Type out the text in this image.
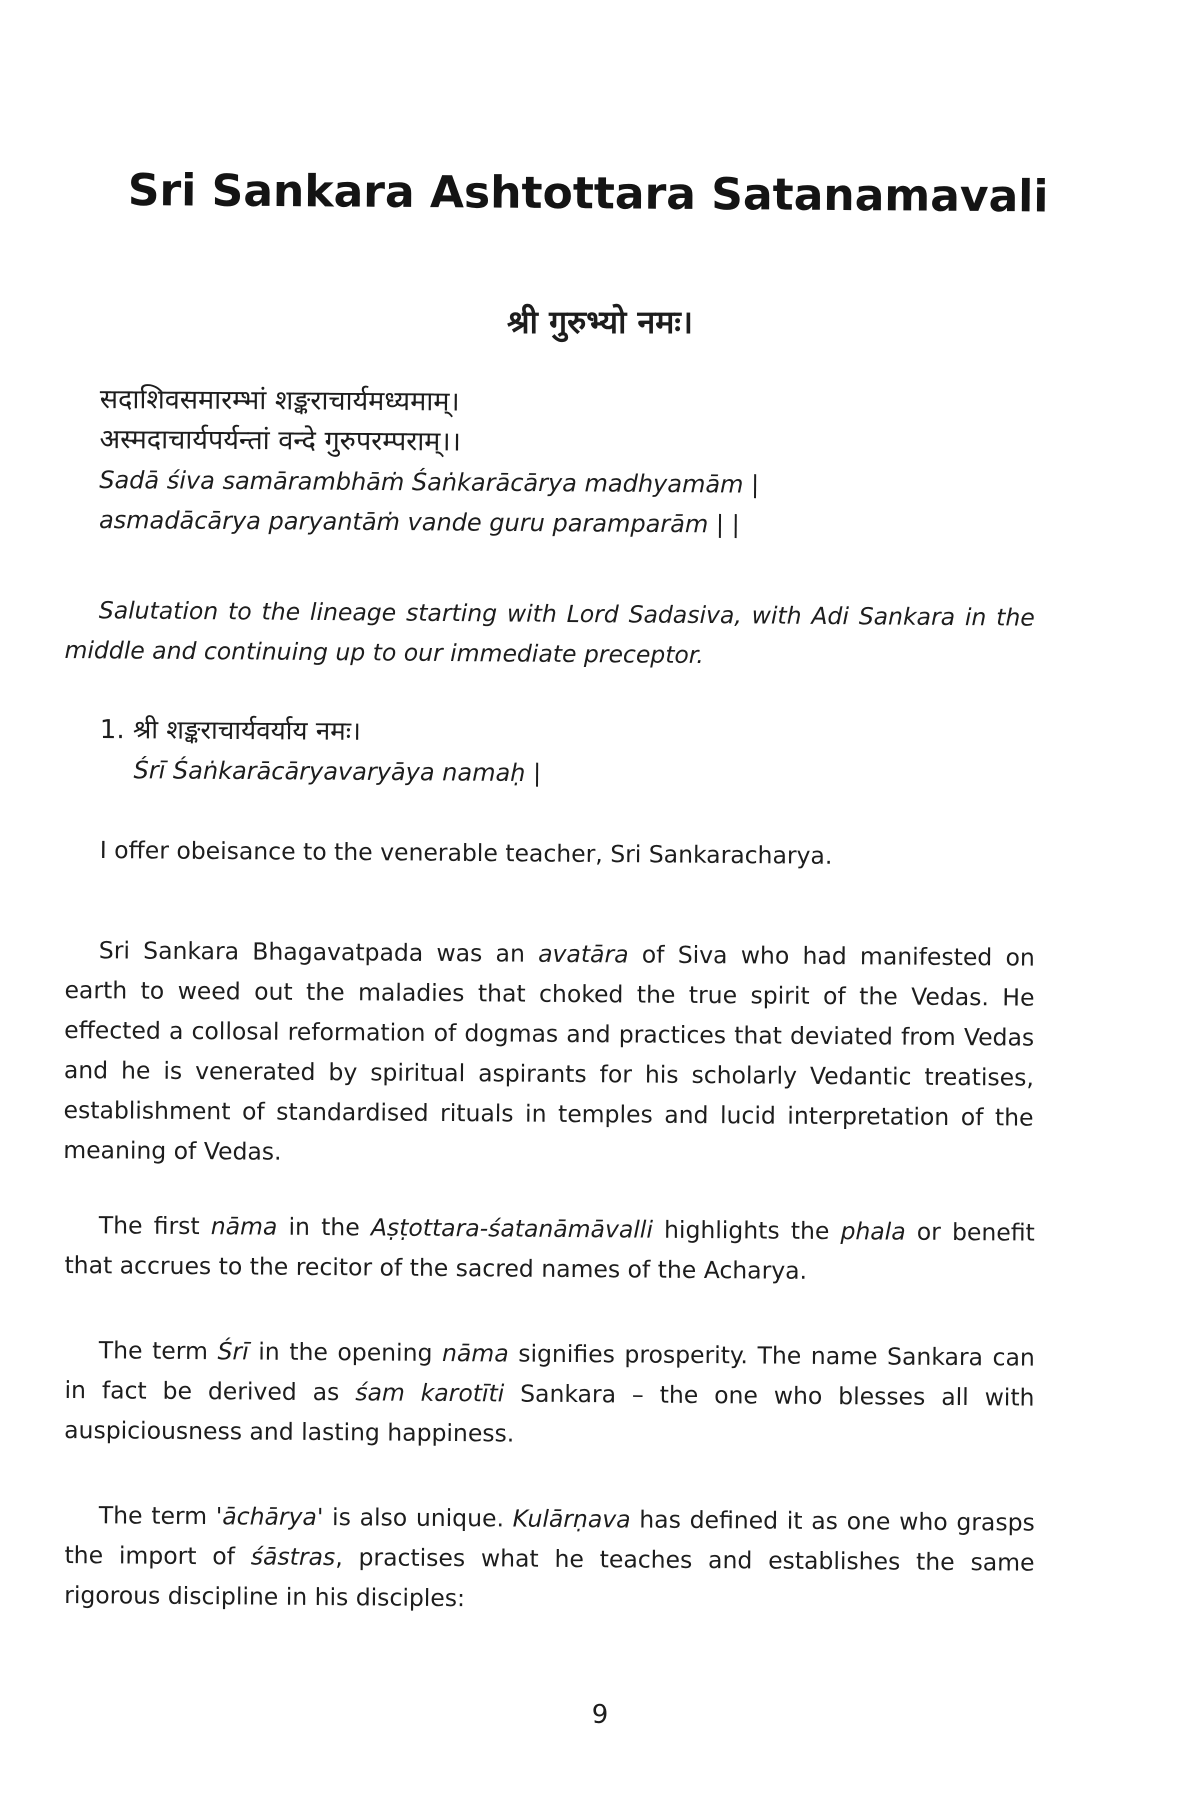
Sri Sankara Ashtottara Satanamavali
श्री गुरुभ्यो नमः।
सदाशिवसमारम्भां शङ्कराचार्यमध्यमाम्।
अस्मदाचार्यपर्यन्तां वन्दे गुरुपरम्पराम्।।
Sadā śiva samārambhāṁ Śaṅkarācārya madhyamām |
asmadācārya paryantāṁ vande guru paramparām | |
Salutation to the lineage starting with Lord Sadasiva, with Adi Sankara in the middle and continuing up to our immediate preceptor.
1. श्री शङ्कराचार्यवर्याय नमः।
Śrī Śaṅkarācāryavaryāya namaḥ |
I offer obeisance to the venerable teacher, Sri Sankaracharya.
Sri Sankara Bhagavatpada was an avatāra of Siva who had manifested on earth to weed out the maladies that choked the true spirit of the Vedas. He effected a collosal reformation of dogmas and practices that deviated from Vedas and he is venerated by spiritual aspirants for his scholarly Vedantic treatises, establishment of standardised rituals in temples and lucid interpretation of the meaning of Vedas.
The first nāma in the Aṣṭottara-śatanāmāvalli highlights the phala or benefit that accrues to the recitor of the sacred names of the Acharya.
The term Śrī in the opening nāma signifies prosperity. The name Sankara can in fact be derived as śam karotīti Sankara – the one who blesses all with auspiciousness and lasting happiness.
The term 'āchārya' is also unique. Kulārṇava has defined it as one who grasps the import of śāstras, practises what he teaches and establishes the same rigorous discipline in his disciples:
9
